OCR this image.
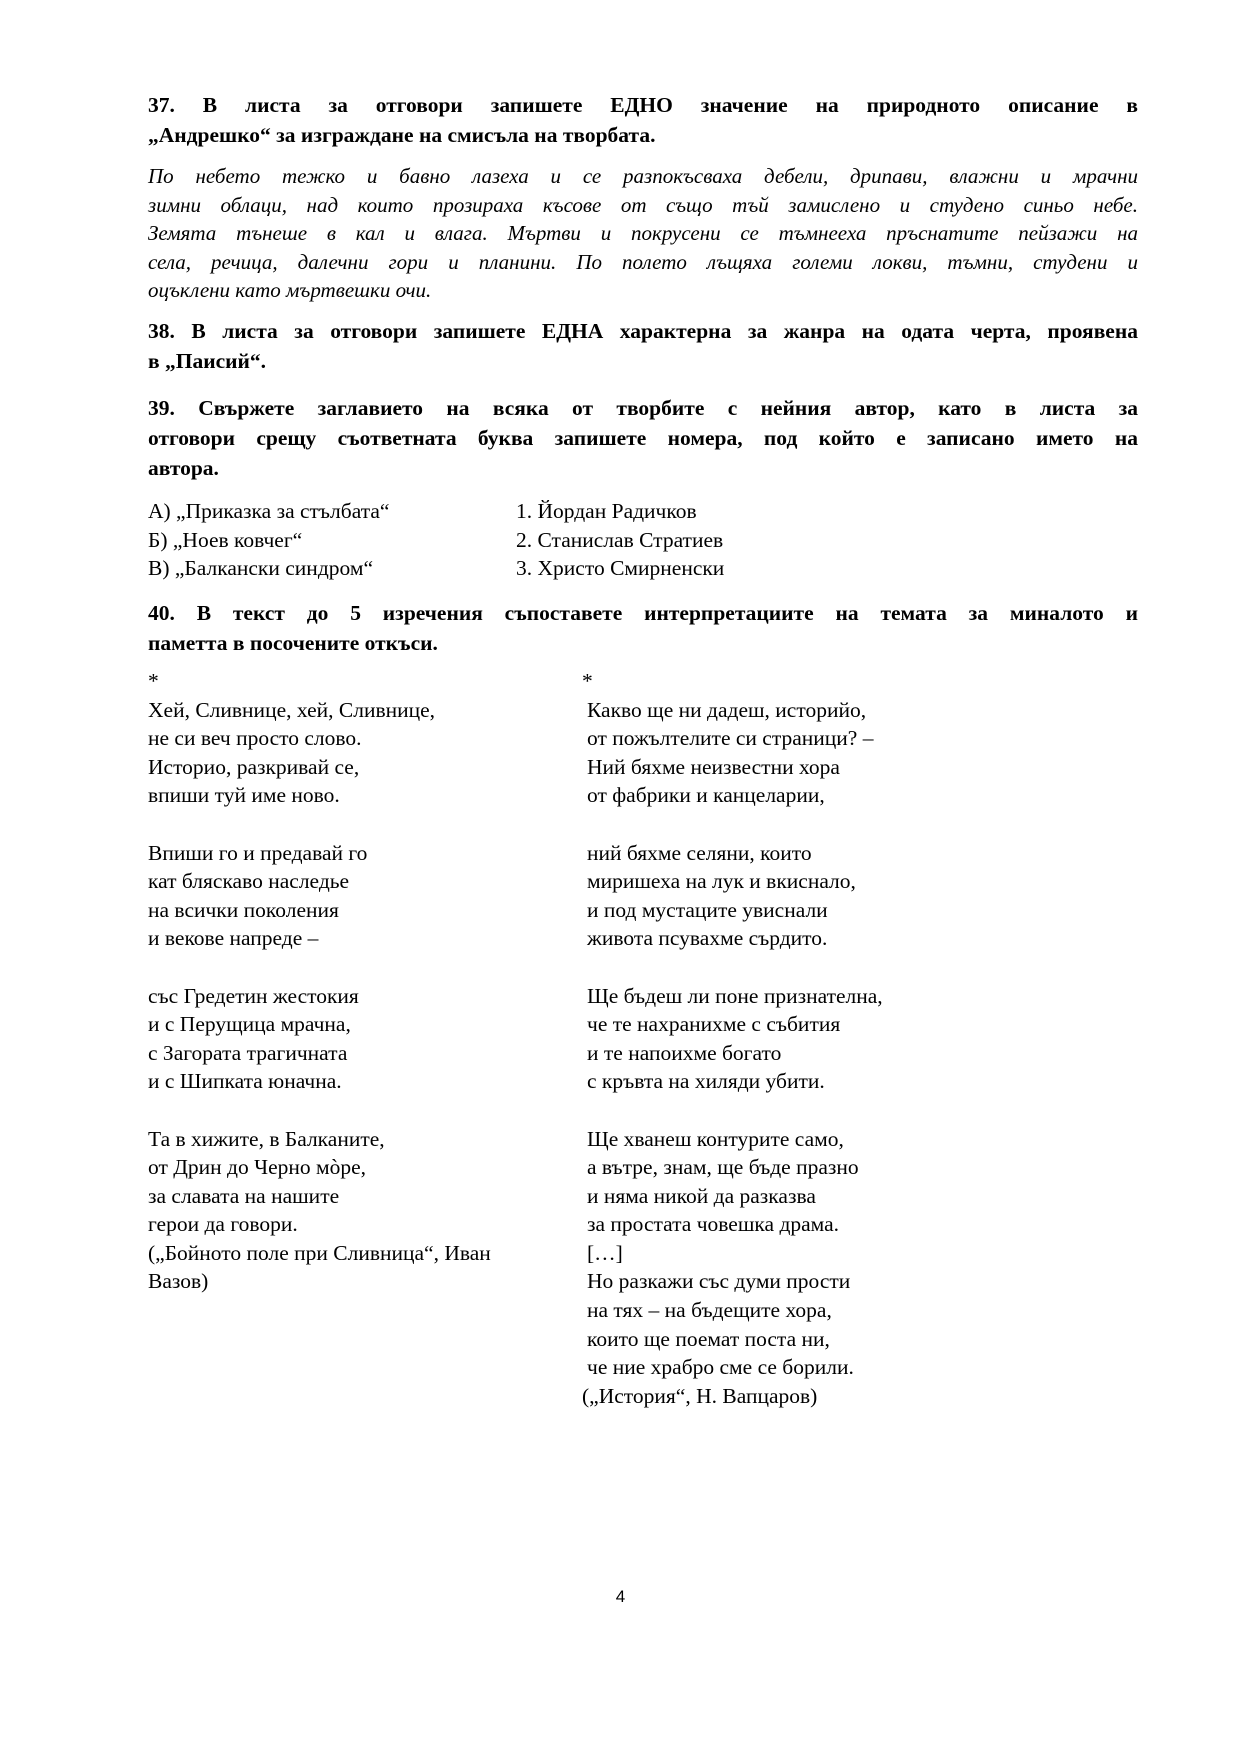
37. В листа за отговори запишете ЕДНО значение на природното описание в
„Андрешко“ за изграждане на смисъла на творбата.
По небето тежко и бавно лазеха и се разпокъсваха дебели, дрипави, влажни и мрачни
зимни облаци, над които прозираха късове от също тъй замислено и студено синьо небе.
Земята тънеше в кал и влага. Мъртви и покрусени се тъмнееха пръснатите пейзажи на
села, речица, далечни гори и планини. По полето лъщяха големи локви, тъмни, студени и
оцъклени като мъртвешки очи.
38. В листа за отговори запишете ЕДНА характерна за жанра на одата черта, проявена
в „Паисий“.
39. Свържете заглавието на всяка от творбите с нейния автор, като в листа за
отговори срещу съответната буква запишете номера, под който е записано името на
автора.
А) „Приказка за стълбата“	1. Йордан Радичков
Б) „Ноев ковчег“	2. Станислав Стратиев
В) „Балкански синдром“	3. Христо Смирненски
40. В текст до 5 изречения съпоставете интерпретациите на темата за миналото и
паметта в посочените откъси.
*
Хей, Сливнице, хей, Сливнице,
не си веч просто слово.
Историо, разкривай се,
впиши туй име ново.
Впиши го и предавай го
кат бляскаво наследье
на всички поколения
и векове напреде –
със Гредетин жестокия
и с Перущица мрачна,
с Загората трагичната
и с Шипката юначна.
Та в хижите, в Балканите,
от Дрин до Черно мòре,
за славата на нашите
герои да говори.
(„Бойното поле при Сливница“, Иван
Вазов)
*
Какво ще ни дадеш, историйо,
от пожълтелите си страници? –
Ний бяхме неизвестни хора
от фабрики и канцеларии,
ний бяхме селяни, които
миришеха на лук и вкиснало,
и под мустаците увиснали
живота псувахме сърдито.
Ще бъдеш ли поне признателна,
че те нахранихме с събития
и те напоихме богато
с кръвта на хиляди убити.
Ще хванеш контурите само,
а вътре, знам, ще бъде празно
и няма никой да разказва
за простата човешка драма.
[…]
Но разкажи със думи прости
на тях – на бъдещите хора,
които ще поемат поста ни,
че ние храбро сме се борили.
(„История“, Н. Вапцаров)
4
